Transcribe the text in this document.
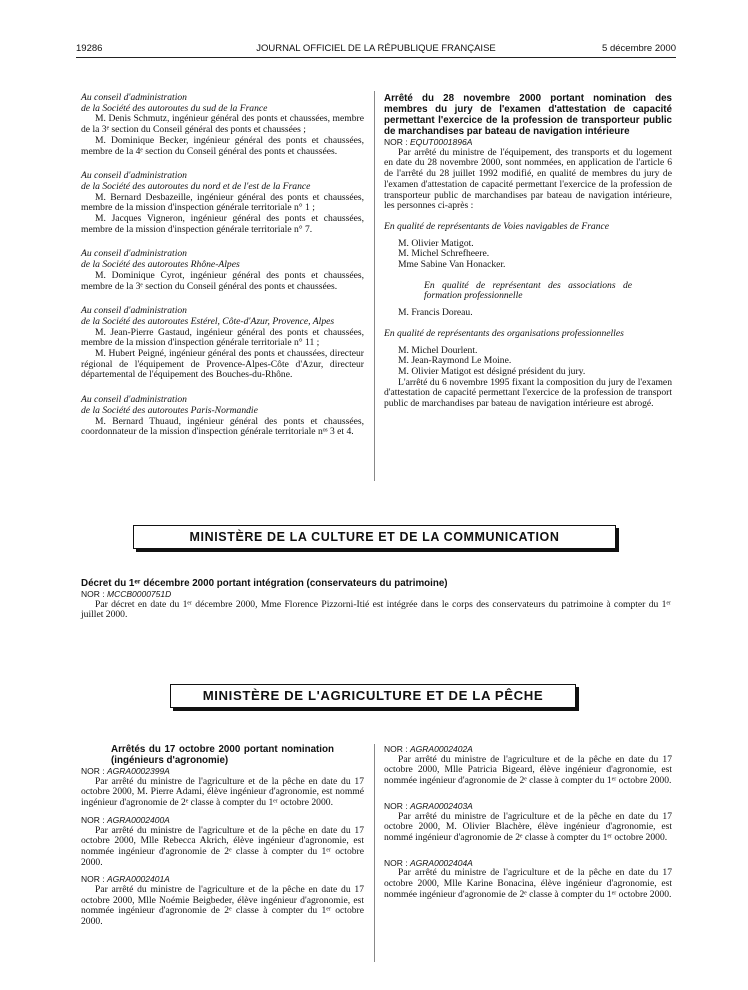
19286	JOURNAL OFFICIEL DE LA RÉPUBLIQUE FRANÇAISE	5 décembre 2000

Au conseil d'administration

de la Société des autoroutes du sud de la France

M. Denis Schmutz, ingénieur général des ponts et chaussées, membre de la 3ᵉ section du Conseil général des ponts et chaussées ;

M. Dominique Becker, ingénieur général des ponts et chaussées, membre de la 4ᵉ section du Conseil général des ponts et chaussées.

Au conseil d'administration

de la Société des autoroutes du nord et de l'est de la France

M. Bernard Desbazeille, ingénieur général des ponts et chaussées, membre de la mission d'inspection générale territoriale n° 1 ;

M. Jacques Vigneron, ingénieur général des ponts et chaussées, membre de la mission d'inspection générale territoriale n° 7.

Au conseil d'administration

de la Société des autoroutes Rhône-Alpes

M. Dominique Cyrot, ingénieur général des ponts et chaussées, membre de la 3ᵉ section du Conseil général des ponts et chaussées.

Au conseil d'administration

de la Société des autoroutes Estérel, Côte-d'Azur, Provence, Alpes

M. Jean-Pierre Gastaud, ingénieur général des ponts et chaussées, membre de la mission d'inspection générale territoriale n° 11 ;

M. Hubert Peigné, ingénieur général des ponts et chaussées, directeur régional de l'équipement de Provence-Alpes-Côte d'Azur, directeur départemental de l'équipement des Bouches-du-Rhône.

Au conseil d'administration

de la Société des autoroutes Paris-Normandie

M. Bernard Thuaud, ingénieur général des ponts et chaussées, coordonnateur de la mission d'inspection générale territoriale nᵒˢ 3 et 4.

Arrêté du 28 novembre 2000 portant nomination des membres du jury de l'examen d'attestation de capacité permettant l'exercice de la profession de transporteur public de marchandises par bateau de navigation intérieure

NOR : EQUT0001896A

Par arrêté du ministre de l'équipement, des transports et du logement en date du 28 novembre 2000, sont nommées, en application de l'article 6 de l'arrêté du 28 juillet 1992 modifié, en qualité de membres du jury de l'examen d'attestation de capacité permettant l'exercice de la profession de transporteur public de marchandises par bateau de navigation intérieure, les personnes ci-après :

En qualité de représentants de Voies navigables de France

M. Olivier Matigot.

M. Michel Schrefheere.

Mme Sabine Van Honacker.

En qualité de représentant des associations de formation professionnelle

M. Francis Doreau.

En qualité de représentants des organisations professionnelles

M. Michel Dourlent.

M. Jean-Raymond Le Moine.

M. Olivier Matigot est désigné président du jury.

L'arrêté du 6 novembre 1995 fixant la composition du jury de l'examen d'attestation de capacité permettant l'exercice de la profession de transport public de marchandises par bateau de navigation intérieure est abrogé.

MINISTÈRE DE LA CULTURE ET DE LA COMMUNICATION

Décret du 1ᵉʳ décembre 2000 portant intégration (conservateurs du patrimoine)

NOR : MCCB0000751D

Par décret en date du 1ᵉʳ décembre 2000, Mme Florence Pizzorni-Itié est intégrée dans le corps des conservateurs du patrimoine à compter du 1ᵉʳ juillet 2000.

MINISTÈRE DE L'AGRICULTURE ET DE LA PÊCHE

Arrêtés du 17 octobre 2000 portant nomination (ingénieurs d'agronomie)

NOR : AGRA0002399A

Par arrêté du ministre de l'agriculture et de la pêche en date du 17 octobre 2000, M. Pierre Adami, élève ingénieur d'agronomie, est nommé ingénieur d'agronomie de 2ᵉ classe à compter du 1ᵉʳ octobre 2000.

NOR : AGRA0002400A

Par arrêté du ministre de l'agriculture et de la pêche en date du 17 octobre 2000, Mlle Rebecca Akrich, élève ingénieur d'agronomie, est nommée ingénieur d'agronomie de 2ᵉ classe à compter du 1ᵉʳ octobre 2000.

NOR : AGRA0002401A

Par arrêté du ministre de l'agriculture et de la pêche en date du 17 octobre 2000, Mlle Noémie Beigbeder, élève ingénieur d'agronomie, est nommée ingénieur d'agronomie de 2ᵉ classe à compter du 1ᵉʳ octobre 2000.

NOR : AGRA0002402A

Par arrêté du ministre de l'agriculture et de la pêche en date du 17 octobre 2000, Mlle Patricia Bigeard, élève ingénieur d'agronomie, est nommée ingénieur d'agronomie de 2ᵉ classe à compter du 1ᵉʳ octobre 2000.

NOR : AGRA0002403A

Par arrêté du ministre de l'agriculture et de la pêche en date du 17 octobre 2000, M. Olivier Blachère, élève ingénieur d'agronomie, est nommé ingénieur d'agronomie de 2ᵉ classe à compter du 1ᵉʳ octobre 2000.

NOR : AGRA0002404A

Par arrêté du ministre de l'agriculture et de la pêche en date du 17 octobre 2000, Mlle Karine Bonacina, élève ingénieur d'agronomie, est nommée ingénieur d'agronomie de 2ᵉ classe à compter du 1ᵉʳ octobre 2000.
